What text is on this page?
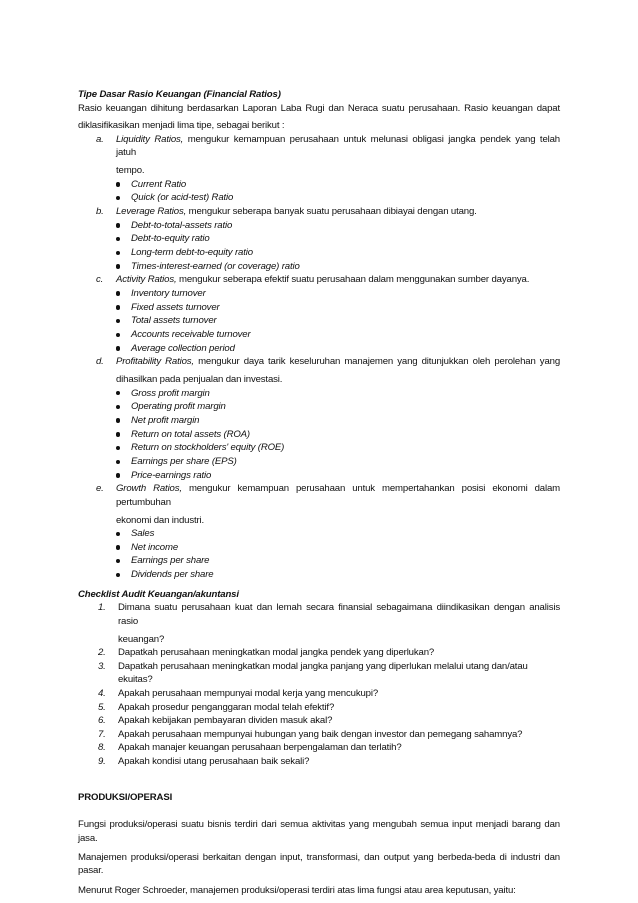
Tipe Dasar Rasio Keuangan (Financial Ratios)

Rasio keuangan dihitung berdasarkan Laporan Laba Rugi dan Neraca suatu perusahaan. Rasio keuangan dapat
diklasifikasikan menjadi lima tipe, sebagai berikut :

a. Liquidity Ratios, mengukur kemampuan perusahaan untuk melunasi obligasi jangka pendek yang telah jatuh
tempo.
Current Ratio
Quick (or acid-test) Ratio
b. Leverage Ratios, mengukur seberapa banyak suatu perusahaan dibiayai dengan utang.
Debt-to-total-assets ratio
Debt-to-equity ratio
Long-term debt-to-equity ratio
Times-interest-earned (or coverage) ratio
c. Activity Ratios, mengukur seberapa efektif suatu perusahaan dalam menggunakan sumber dayanya.
Inventory turnover
Fixed assets turnover
Total assets turnover
Accounts receivable turnover
Average collection period
d. Profitability Ratios, mengukur daya tarik keseluruhan manajemen yang ditunjukkan oleh perolehan yang
dihasilkan pada penjualan dan investasi.
Gross profit margin
Operating profit margin
Net profit margin
Return on total assets (ROA)
Return on stockholders' equity (ROE)
Earnings per share (EPS)
Price-earnings ratio
e. Growth Ratios, mengukur kemampuan perusahaan untuk mempertahankan posisi ekonomi dalam pertumbuhan
ekonomi dan industri.
Sales
Net income
Earnings per share
Dividends per share
Checklist Audit Keuangan/akuntansi
1. Dimana suatu perusahaan kuat dan lemah secara finansial sebagaimana diindikasikan dengan analisis rasio
keuangan?
2. Dapatkah perusahaan meningkatkan modal jangka pendek yang diperlukan?
3. Dapatkah perusahaan meningkatkan modal jangka panjang yang diperlukan melalui utang dan/atau ekuitas?
4. Apakah perusahaan mempunyai modal kerja yang mencukupi?
5. Apakah prosedur penganggaran modal telah efektif?
6. Apakah kebijakan pembayaran dividen masuk akal?
7. Apakah perusahaan mempunyai hubungan yang baik dengan investor dan pemegang sahamnya?
8. Apakah manajer keuangan perusahaan berpengalaman dan terlatih?
9. Apakah kondisi utang perusahaan baik sekali?
PRODUKSI/OPERASI
Fungsi produksi/operasi suatu bisnis terdiri dari semua aktivitas yang mengubah semua input menjadi barang dan jasa.
Manajemen produksi/operasi berkaitan dengan input, transformasi, dan output yang berbeda-beda di industri dan pasar.
Menurut Roger Schroeder, manajemen produksi/operasi terdiri atas lima fungsi atau area keputusan, yaitu:
